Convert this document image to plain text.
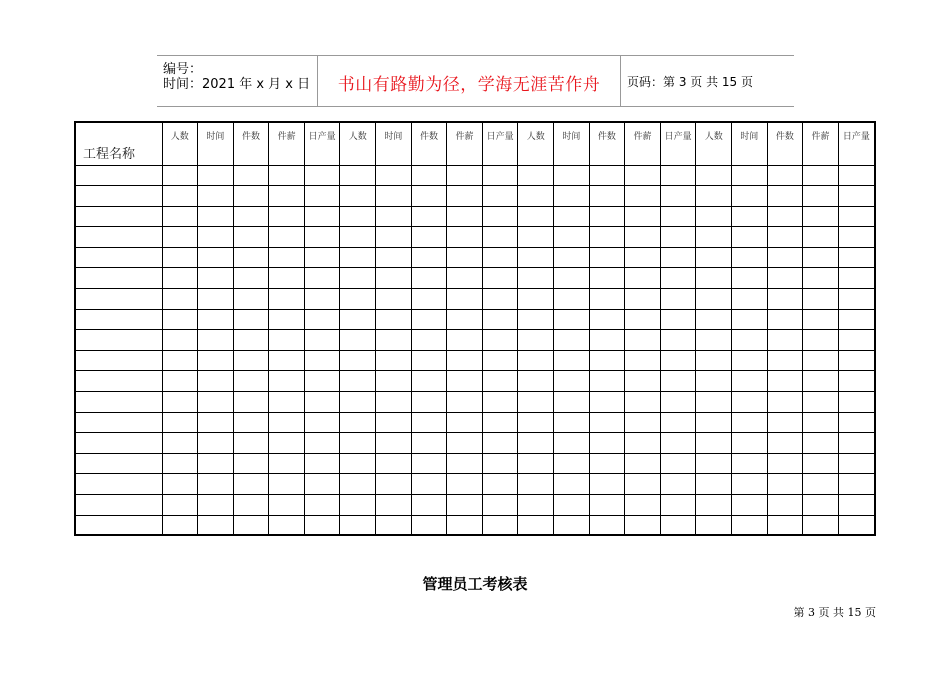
编号：
时间：2021 年 x 月 x 日	书山有路勤为径，学海无涯苦作舟	页码：第 3 页 共 15 页
工程名称	人数	时间	件数	件薪	日产量	人数	时间	件数	件薪	日产量	人数	时间	件数	件薪	日产量	人数	时间	件数	件薪	日产量

管理员工考核表
第 3 页 共 15 页
